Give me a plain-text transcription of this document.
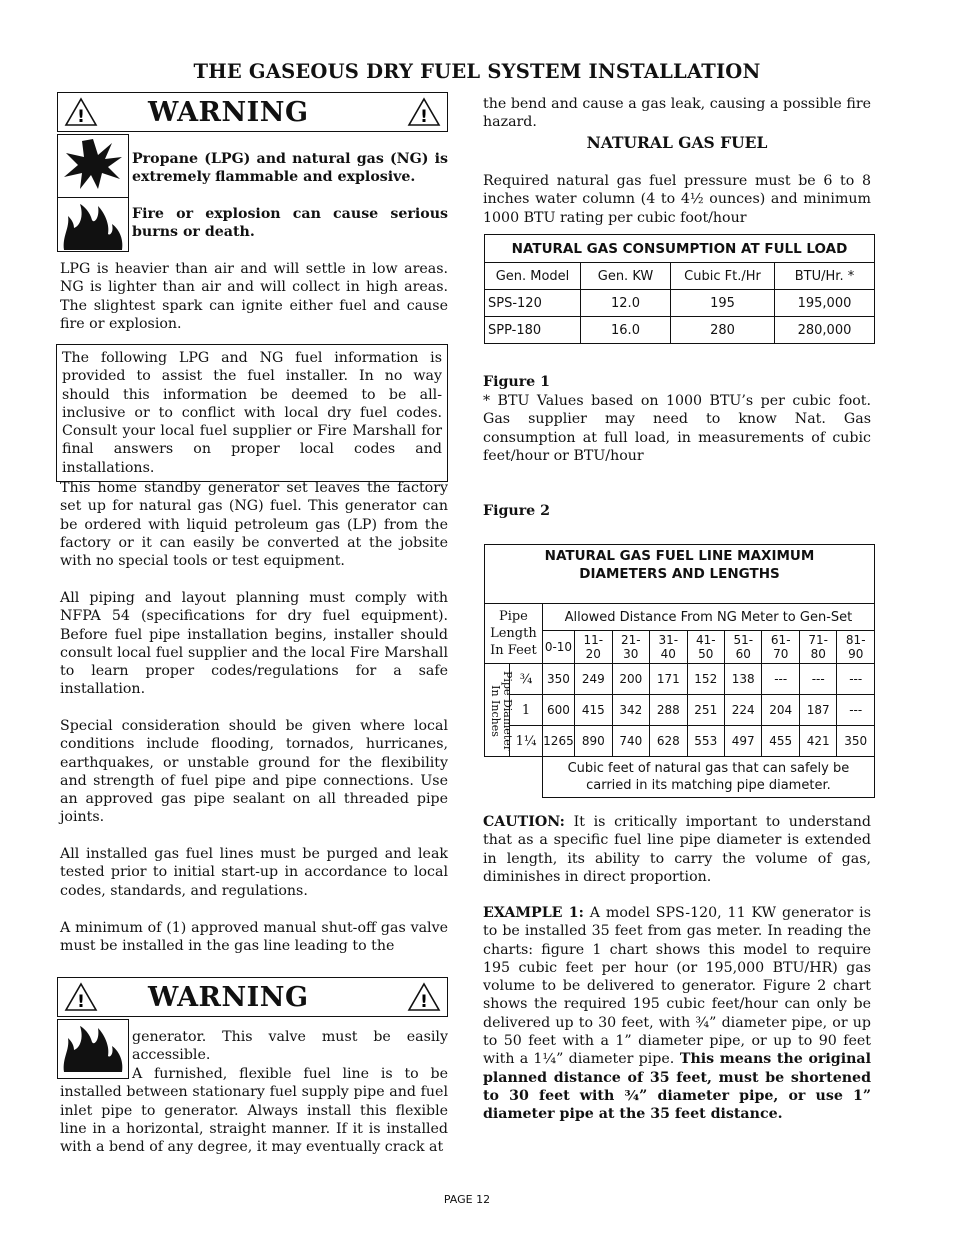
THE GASEOUS DRY FUEL SYSTEM INSTALLATION
!	WARNING	!
Propane (LPG) and natural gas (NG) is extremely flammable and explosive.
Fire or explosion can cause serious burns or death.
LPG is heavier than air and will settle in low areas. NG is lighter than air and will collect in high areas. The slightest spark can ignite either fuel and cause fire or explosion.
The following LPG and NG fuel information is provided to assist the fuel installer. In no way should this information be deemed to be all-inclusive or to conflict with local dry fuel codes. Consult your local fuel supplier or Fire Marshall for final answers on proper local codes and installations.
This home standby generator set leaves the factory set up for natural gas (NG) fuel. This generator can be ordered with liquid petroleum gas (LP) from the factory or it can easily be converted at the jobsite with no special tools or test equipment.
All piping and layout planning must comply with NFPA 54 (specifications for dry fuel equipment). Before fuel pipe installation begins, installer should consult local fuel supplier and the local Fire Marshall to learn proper codes/regulations for a safe installation.
Special consideration should be given where local conditions include flooding, tornados, hurricanes, earthquakes, or unstable ground for the flexibility and strength of fuel pipe and pipe connections. Use an approved gas pipe sealant on all threaded pipe joints.
All installed gas fuel lines must be purged and leak tested prior to initial start-up in accordance to local codes, standards, and regulations.
A minimum of (1) approved manual shut-off gas valve must be installed in the gas line leading to the
!	WARNING	!
generator. This valve must be easily accessible.
A furnished, flexible fuel line is to be installed between stationary fuel supply pipe and fuel inlet pipe to generator. Always install this flexible line in a horizontal, straight manner. If it is installed with a bend of any degree, it may eventually crack at
the bend and cause a gas leak, causing a possible fire hazard.
NATURAL GAS FUEL
Required natural gas fuel pressure must be 6 to 8 inches water column (4 to 4½ ounces) and minimum 1000 BTU rating per cubic foot/hour
NATURAL GAS CONSUMPTION AT FULL LOAD			
Gen. Model	Gen. KW	Cubic Ft./Hr	BTU/Hr. *
SPS-120	12.0	195	195,000
SPP-180	16.0	280	280,000
Figure 1
* BTU Values based on 1000 BTU’s per cubic foot. Gas supplier may need to know Nat. Gas consumption at full load, in measurements of cubic feet/hour or BTU/hour
Figure 2
NATURAL GAS FUEL LINE MAXIMUM DIAMETERS AND LENGTHS										
Pipe Length In Feet		Allowed Distance From NG Meter to Gen-Set								
		0-10	11-20	21-30	31-40	41-50	51-60	61-70	71-80	81-90

Pipe Diameter
In Inches	¾	350	249	200	171	152	138	---	---	---
	1	600	415	342	288	251	224	204	187	---
	1¼	1265	890	740	628	553	497	455	421	350
		Cubic feet of natural gas that can safely be carried in its matching pipe diameter.								
CAUTION: It is critically important to understand that as a specific fuel line pipe diameter is extended in length, its ability to carry the volume of gas, diminishes in direct proportion.
EXAMPLE 1: A model SPS-120, 11 KW generator is to be installed 35 feet from gas meter. In reading the charts: figure 1 chart shows this model to require 195 cubic feet per hour (or 195,000 BTU/HR) gas volume to be delivered to generator. Figure 2 chart shows the required 195 cubic feet/hour can only be delivered up to 30 feet, with ¾” diameter pipe, or up to 50 feet with a 1” diameter pipe, or up to 90 feet with a 1¼” diameter pipe. This means the original planned distance of 35 feet, must be shortened to 30 feet with ¾” diameter pipe, or use 1” diameter pipe at the 35 feet distance.
PAGE 12
